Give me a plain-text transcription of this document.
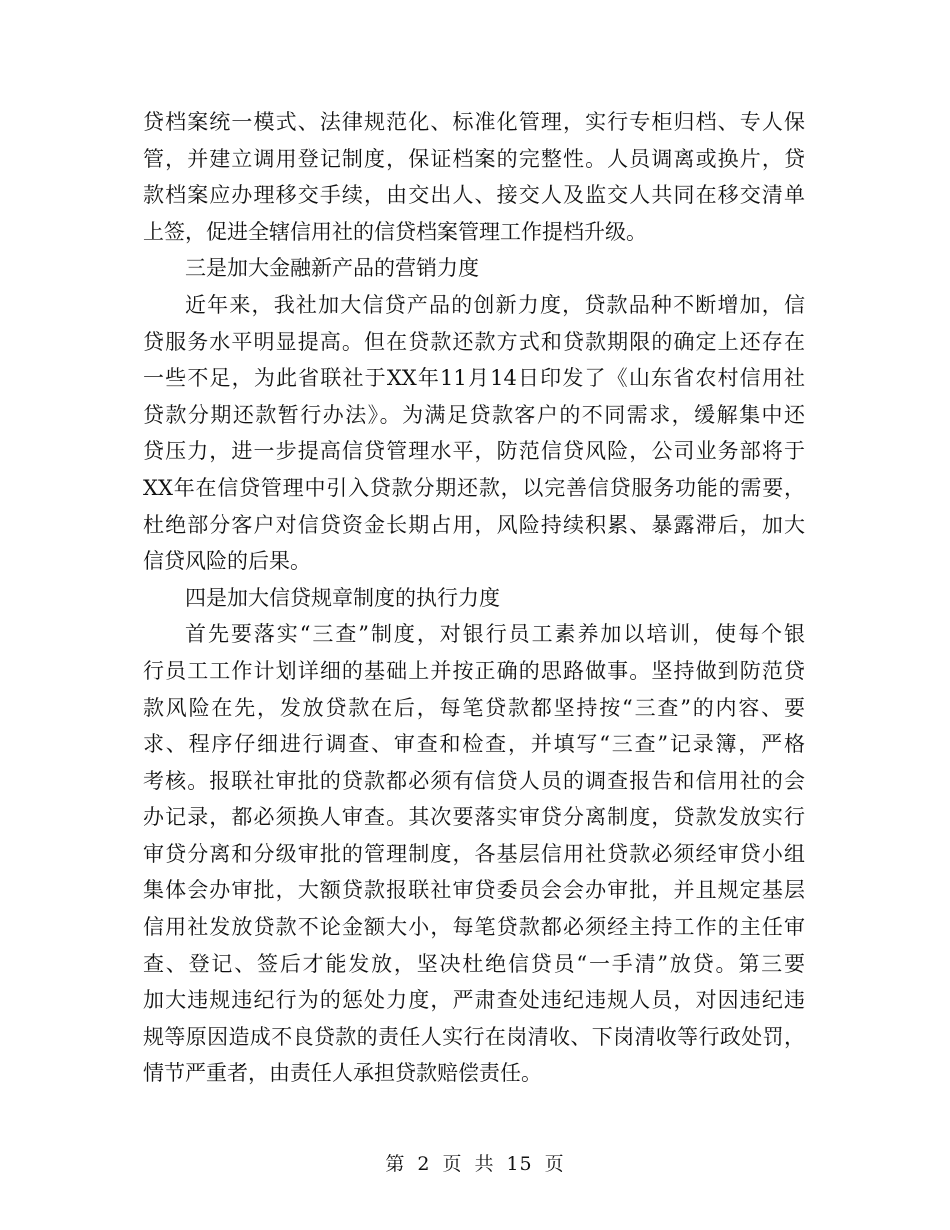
贷档案统一模式、法律规范化、标准化管理，实行专柜归档、专人保
管，并建立调用登记制度，保证档案的完整性。人员调离或换片，贷
款档案应办理移交手续，由交出人、接交人及监交人共同在移交清单
上签，促进全辖信用社的信贷档案管理工作提档升级。
三是加大金融新产品的营销力度
近年来，我社加大信贷产品的创新力度，贷款品种不断增加，信
贷服务水平明显提高。但在贷款还款方式和贷款期限的确定上还存在
一些不足，为此省联社于XX年11月14日印发了《山东省农村信用社
贷款分期还款暂行办法》。为满足贷款客户的不同需求，缓解集中还
贷压力，进一步提高信贷管理水平，防范信贷风险，公司业务部将于
XX年在信贷管理中引入贷款分期还款，以完善信贷服务功能的需要，
杜绝部分客户对信贷资金长期占用，风险持续积累、暴露滞后，加大
信贷风险的后果。
四是加大信贷规章制度的执行力度
首先要落实“三查”制度，对银行员工素养加以培训，使每个银
行员工工作计划详细的基础上并按正确的思路做事。坚持做到防范贷
款风险在先，发放贷款在后，每笔贷款都坚持按“三查”的内容、要
求、程序仔细进行调查、审查和检查，并填写“三查”记录簿，严格
考核。报联社审批的贷款都必须有信贷人员的调查报告和信用社的会
办记录，都必须换人审查。其次要落实审贷分离制度，贷款发放实行
审贷分离和分级审批的管理制度，各基层信用社贷款必须经审贷小组
集体会办审批，大额贷款报联社审贷委员会会办审批，并且规定基层
信用社发放贷款不论金额大小，每笔贷款都必须经主持工作的主任审
查、登记、签后才能发放，坚决杜绝信贷员“一手清”放贷。第三要
加大违规违纪行为的惩处力度，严肃查处违纪违规人员，对因违纪违
规等原因造成不良贷款的责任人实行在岗清收、下岗清收等行政处罚，
情节严重者，由责任人承担贷款赔偿责任。
第 2 页 共 15 页
